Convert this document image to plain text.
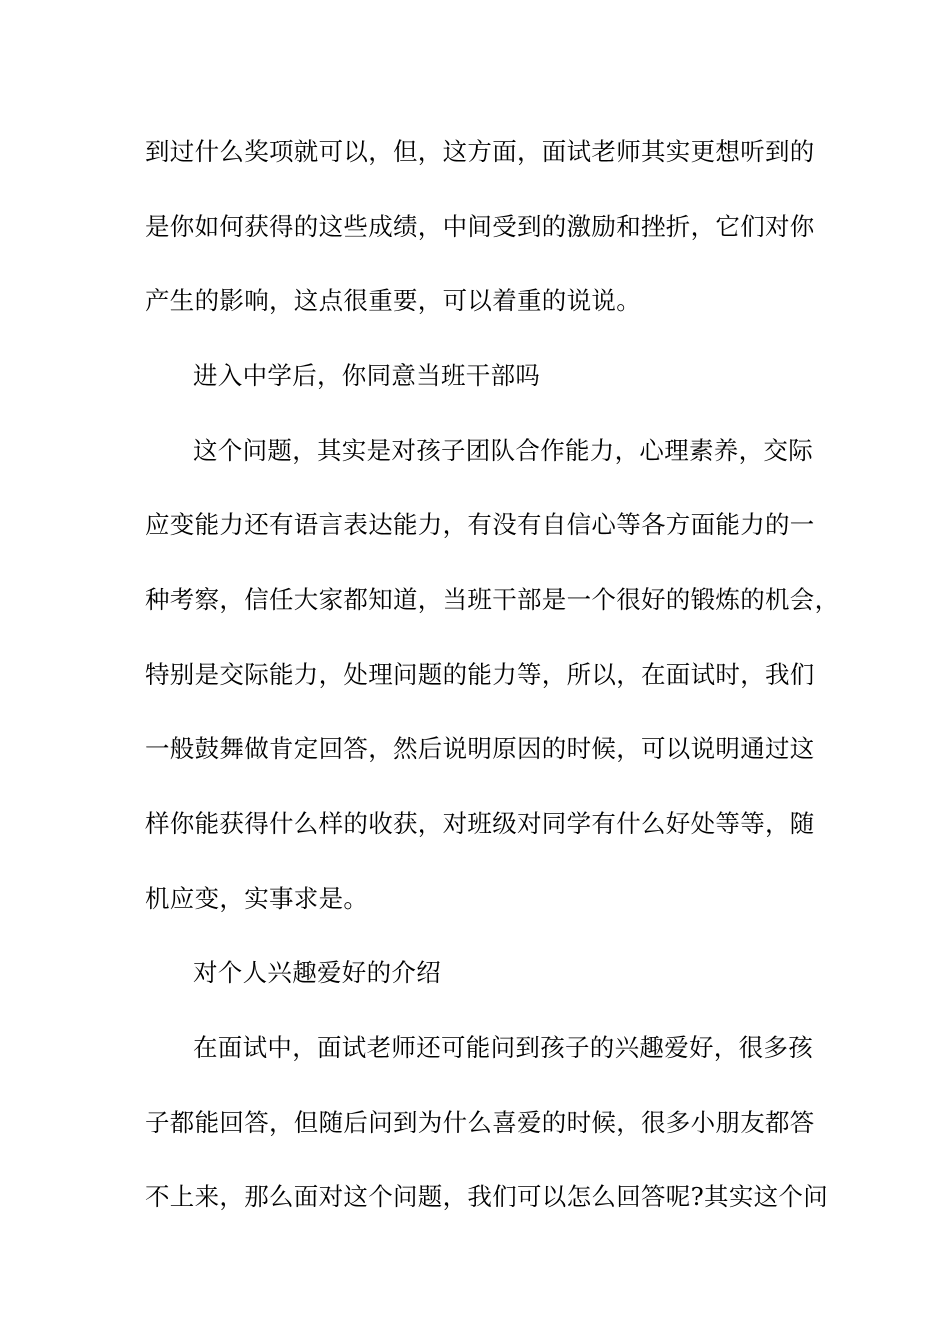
到过什么奖项就可以，但，这方面，面试老师其实更想听到的
是你如何获得的这些成绩，中间受到的激励和挫折，它们对你
产生的影响，这点很重要，可以着重的说说。
进入中学后，你同意当班干部吗
这个问题，其实是对孩子团队合作能力，心理素养，交际
应变能力还有语言表达能力，有没有自信心等各方面能力的一
种考察，信任大家都知道，当班干部是一个很好的锻炼的机会，
特别是交际能力，处理问题的能力等，所以，在面试时，我们
一般鼓舞做肯定回答，然后说明原因的时候，可以说明通过这
样你能获得什么样的收获，对班级对同学有什么好处等等，随
机应变，实事求是。
对个人兴趣爱好的介绍
在面试中，面试老师还可能问到孩子的兴趣爱好，很多孩
子都能回答，但随后问到为什么喜爱的时候，很多小朋友都答
不上来，那么面对这个问题，我们可以怎么回答呢?其实这个问
